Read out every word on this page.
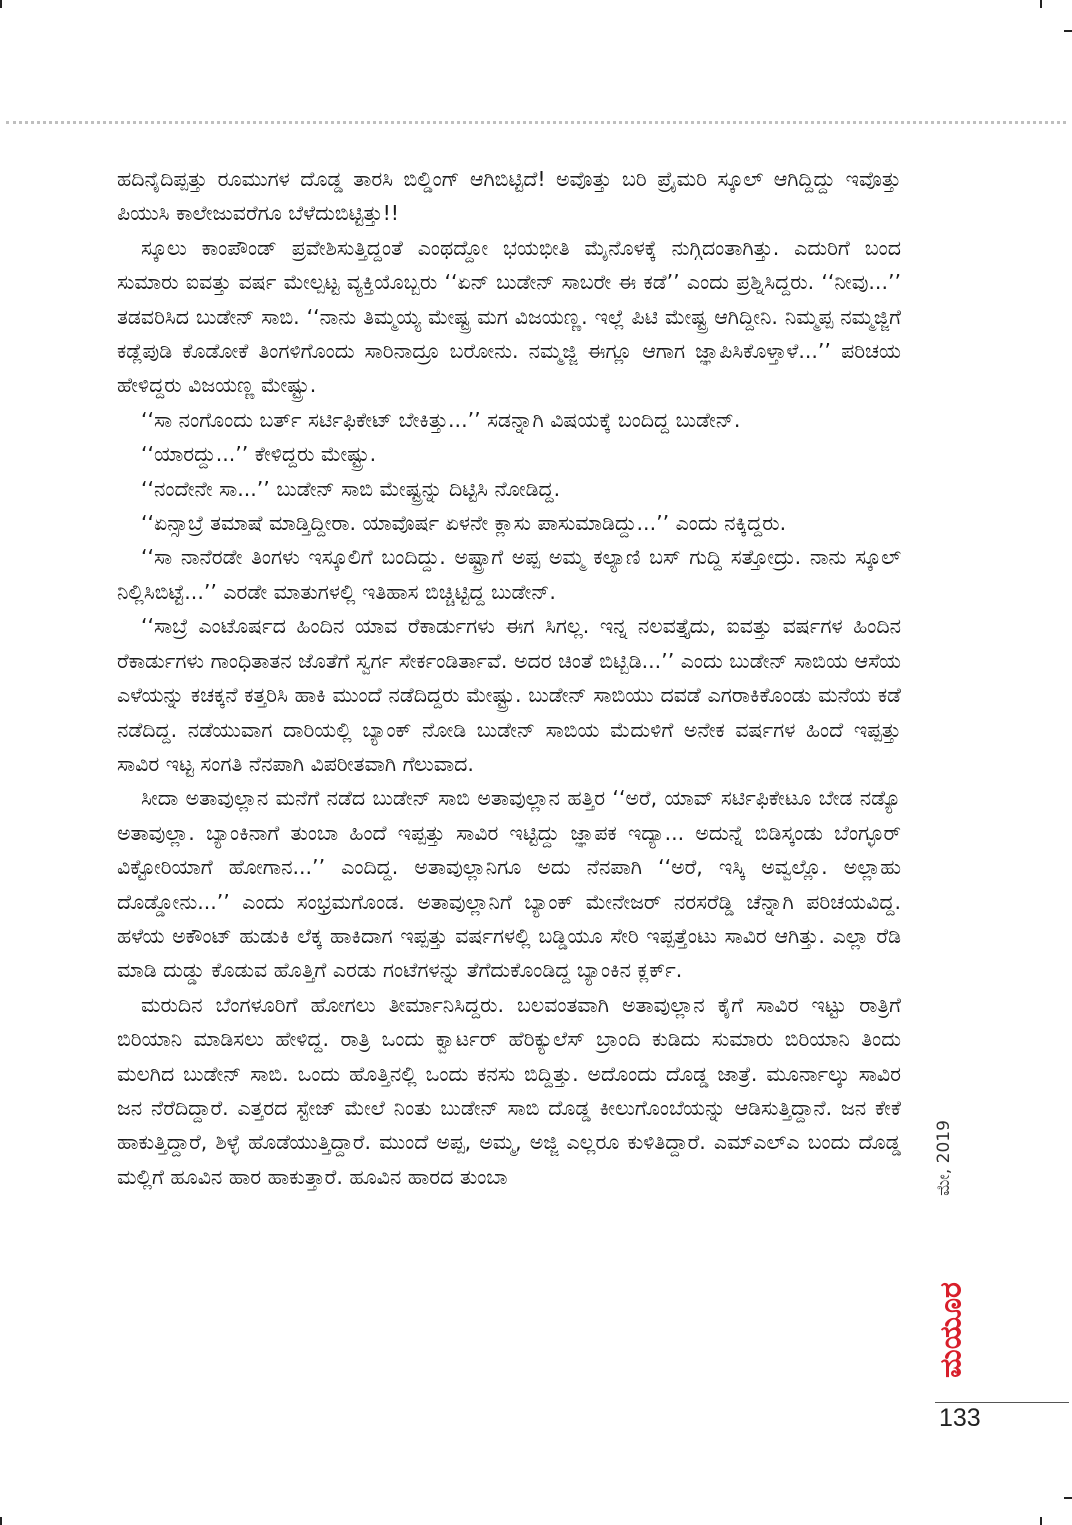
ಹದಿನೈದಿಪ್ಪತ್ತು ರೂಮುಗಳ ದೊಡ್ಡ ತಾರಸಿ ಬಿಲ್ಡಿಂಗ್ ಆಗಿಬಿಟ್ಟಿದೆ! ಅವೊತ್ತು ಬರಿ ಪ್ರೈಮರಿ ಸ್ಕೂಲ್ ಆಗಿದ್ದಿದ್ದು ಇವೊತ್ತು ಪಿಯುಸಿ ಕಾಲೇಜುವರೆಗೂ ಬೆಳೆದುಬಿಟ್ಟಿತ್ತು!!

ಸ್ಕೂಲು ಕಾಂಪೌಂಡ್ ಪ್ರವೇಶಿಸುತ್ತಿದ್ದಂತೆ ಎಂಥದ್ದೋ ಭಯಭೀತಿ ಮೈನೊಳಕ್ಕೆ ನುಗ್ಗಿದಂತಾಗಿತ್ತು. ಎದುರಿಗೆ ಬಂದ ಸುಮಾರು ಐವತ್ತು ವರ್ಷ ಮೇಲ್ಪಟ್ಟ ವ್ಯಕ್ತಿಯೊಬ್ಬರು ‘‘ಏನ್ ಬುಡೇನ್ ಸಾಬರೇ ಈ ಕಡೆ’’ ಎಂದು ಪ್ರಶ್ನಿಸಿದ್ದರು. ‘‘ನೀವು...’’ ತಡವರಿಸಿದ ಬುಡೇನ್ ಸಾಬಿ. ‘‘ನಾನು ತಿಮ್ಮಯ್ಯ ಮೇಷ್ಟ್ರ ಮಗ ವಿಜಯಣ್ಣ. ಇಲ್ಲೆ ಪಿಟಿ ಮೇಷ್ಟ್ರ ಆಗಿದ್ದೀನಿ. ನಿಮ್ಮಪ್ಪ ನಮ್ಮಜ್ಜಿಗೆ ಕಡ್ಲೆಪುಡಿ ಕೊಡೋಕೆ ತಿಂಗಳಿಗೊಂದು ಸಾರಿನಾದ್ರೂ ಬರೋನು. ನಮ್ಮಜ್ಜಿ ಈಗ್ಲೂ ಆಗಾಗ ಜ್ಞಾಪಿಸಿಕೊಳ್ತಾಳೆ...’’ ಪರಿಚಯ ಹೇಳಿದ್ದರು ವಿಜಯಣ್ಣ ಮೇಷ್ಟ್ರು.

‘‘ಸಾ ನಂಗೊಂದು ಬರ್ತ್ ಸರ್ಟಿಫಿಕೇಟ್ ಬೇಕಿತ್ತು...’’ ಸಡನ್ನಾಗಿ ವಿಷಯಕ್ಕೆ ಬಂದಿದ್ದ ಬುಡೇನ್.

‘‘ಯಾರದ್ದು...’’ ಕೇಳಿದ್ದರು ಮೇಷ್ಟ್ರು.

‘‘ನಂದೇನೇ ಸಾ...’’ ಬುಡೇನ್ ಸಾಬಿ ಮೇಷ್ಟ್ರನ್ನು ದಿಟ್ಟಿಸಿ ನೋಡಿದ್ದ.

‘‘ಏನ್ಸಾಬ್ರೆ ತಮಾಷೆ ಮಾಡ್ತಿದ್ದೀರಾ. ಯಾವೊರ್ಷ ಏಳನೇ ಕ್ಲಾಸು ಪಾಸುಮಾಡಿದ್ದು...’’ ಎಂದು ನಕ್ಕಿದ್ದರು.

‘‘ಸಾ ನಾನೆರಡೇ ತಿಂಗಳು ಇಸ್ಕೂಲಿಗೆ ಬಂದಿದ್ದು. ಅಷ್ಟ್ರಾಗೆ ಅಪ್ಪ ಅಮ್ಮ ಕಲ್ಯಾಣಿ ಬಸ್ ಗುದ್ದಿ ಸತ್ತೋದ್ರು. ನಾನು ಸ್ಕೂಲ್ ನಿಲ್ಲಿಸಿಬಿಟ್ಟೆ...’’ ಎರಡೇ ಮಾತುಗಳಲ್ಲಿ ಇತಿಹಾಸ ಬಿಚ್ಚಿಟ್ಟಿದ್ದ ಬುಡೇನ್.

‘‘ಸಾಬ್ರೆ ಎಂಟೊರ್ಷದ ಹಿಂದಿನ ಯಾವ ರೆಕಾರ್ಡುಗಳು ಈಗ ಸಿಗಲ್ಲ. ಇನ್ನ ನಲವತ್ತೈದು, ಐವತ್ತು ವರ್ಷಗಳ ಹಿಂದಿನ ರೆಕಾರ್ಡುಗಳು ಗಾಂಧಿತಾತನ ಜೊತೆಗೆ ಸ್ವರ್ಗ ಸೇರ್ಕಂಡಿರ್ತಾವೆ. ಅದರ ಚಿಂತೆ ಬಿಟ್ಬಿಡಿ...’’ ಎಂದು ಬುಡೇನ್ ಸಾಬಿಯ ಆಸೆಯ ಎಳೆಯನ್ನು ಕಚಕ್ಕನೆ ಕತ್ತರಿಸಿ ಹಾಕಿ ಮುಂದೆ ನಡೆದಿದ್ದರು ಮೇಷ್ಟ್ರು. ಬುಡೇನ್ ಸಾಬಿಯು ದವಡೆ ಎಗರಾಕಿಕೊಂಡು ಮನೆಯ ಕಡೆ ನಡೆದಿದ್ದ. ನಡೆಯುವಾಗ ದಾರಿಯಲ್ಲಿ ಬ್ಯಾಂಕ್ ನೋಡಿ ಬುಡೇನ್ ಸಾಬಿಯ ಮೆದುಳಿಗೆ ಅನೇಕ ವರ್ಷಗಳ ಹಿಂದೆ ಇಪ್ಪತ್ತು ಸಾವಿರ ಇಟ್ಟ ಸಂಗತಿ ನೆನಪಾಗಿ ವಿಪರೀತವಾಗಿ ಗೆಲುವಾದ.

ಸೀದಾ ಅತಾವುಲ್ಲಾನ ಮನೆಗೆ ನಡೆದ ಬುಡೇನ್ ಸಾಬಿ ಅತಾವುಲ್ಲಾನ ಹತ್ತಿರ ‘‘ಅರೆ, ಯಾವ್ ಸರ್ಟಿಫಿಕೇಟೂ ಬೇಡ ನಡ್ಯೊ ಅತಾವುಲ್ಲಾ. ಬ್ಯಾಂಕಿನಾಗೆ ತುಂಬಾ ಹಿಂದೆ ಇಪ್ಪತ್ತು ಸಾವಿರ ಇಟ್ಟಿದ್ದು ಜ್ಞಾಪಕ ಇದ್ಯಾ... ಅದುನ್ನೆ ಬಿಡಿಸ್ಕಂಡು ಬೆಂಗ್ಳೂರ್ ವಿಕ್ಟೋರಿಯಾಗೆ ಹೋಗಾನ...’’ ಎಂದಿದ್ದ. ಅತಾವುಲ್ಲಾನಿಗೂ ಅದು ನೆನಪಾಗಿ ‘‘ಅರೆ, ಇಸ್ಕಿ ಅವ್ವಲ್ಲೊ. ಅಲ್ಲಾಹು ದೊಡ್ಡೋನು...’’ ಎಂದು ಸಂಭ್ರಮಗೊಂಡ. ಅತಾವುಲ್ಲಾನಿಗೆ ಬ್ಯಾಂಕ್ ಮೇನೇಜರ್ ನರಸರೆಡ್ಡಿ ಚೆನ್ನಾಗಿ ಪರಿಚಯವಿದ್ದ. ಹಳೆಯ ಅಕೌಂಟ್ ಹುಡುಕಿ ಲೆಕ್ಕ ಹಾಕಿದಾಗ ಇಪ್ಪತ್ತು ವರ್ಷಗಳಲ್ಲಿ ಬಡ್ಡಿಯೂ ಸೇರಿ ಇಪ್ಪತ್ತೆಂಟು ಸಾವಿರ ಆಗಿತ್ತು. ಎಲ್ಲಾ ರೆಡಿ ಮಾಡಿ ದುಡ್ಡು ಕೊಡುವ ಹೊತ್ತಿಗೆ ಎರಡು ಗಂಟೆಗಳನ್ನು ತೆಗೆದುಕೊಂಡಿದ್ದ ಬ್ಯಾಂಕಿನ ಕ್ಲರ್ಕ್.

ಮರುದಿನ ಬೆಂಗಳೂರಿಗೆ ಹೋಗಲು ತೀರ್ಮಾನಿಸಿದ್ದರು. ಬಲವಂತವಾಗಿ ಅತಾವುಲ್ಲಾನ ಕೈಗೆ ಸಾವಿರ ಇಟ್ಟು ರಾತ್ರಿಗೆ ಬಿರಿಯಾನಿ ಮಾಡಿಸಲು ಹೇಳಿದ್ದ. ರಾತ್ರಿ ಒಂದು ಕ್ವಾರ್ಟರ್ ಹೆರಿಕ್ಯುಲೆಸ್ ಬ್ರಾಂದಿ ಕುಡಿದು ಸುಮಾರು ಬಿರಿಯಾನಿ ತಿಂದು ಮಲಗಿದ ಬುಡೇನ್ ಸಾಬಿ. ಒಂದು ಹೊತ್ತಿನಲ್ಲಿ ಒಂದು ಕನಸು ಬಿದ್ದಿತ್ತು. ಅದೊಂದು ದೊಡ್ಡ ಜಾತ್ರೆ. ಮೂರ್ನಾಲ್ಕು ಸಾವಿರ ಜನ ನೆರೆದಿದ್ದಾರೆ. ಎತ್ತರದ ಸ್ಟೇಜ್ ಮೇಲೆ ನಿಂತು ಬುಡೇನ್ ಸಾಬಿ ದೊಡ್ಡ ಕೀಲುಗೊಂಬೆಯನ್ನು ಆಡಿಸುತ್ತಿದ್ದಾನೆ. ಜನ ಕೇಕೆ ಹಾಕುತ್ತಿದ್ದಾರೆ, ಶಿಳ್ಳೆ ಹೊಡೆಯುತ್ತಿದ್ದಾರೆ. ಮುಂದೆ ಅಪ್ಪ, ಅಮ್ಮ, ಅಜ್ಜಿ ಎಲ್ಲರೂ ಕುಳಿತಿದ್ದಾರೆ. ಎಮ್‌ಎಲ್‌ಎ ಬಂದು ದೊಡ್ಡ ಮಲ್ಲಿಗೆ ಹೂವಿನ ಹಾರ ಹಾಕುತ್ತಾರೆ. ಹೂವಿನ ಹಾರದ ತುಂಬಾ	ಮೇ, 2019
ಮಯೂರ
133
